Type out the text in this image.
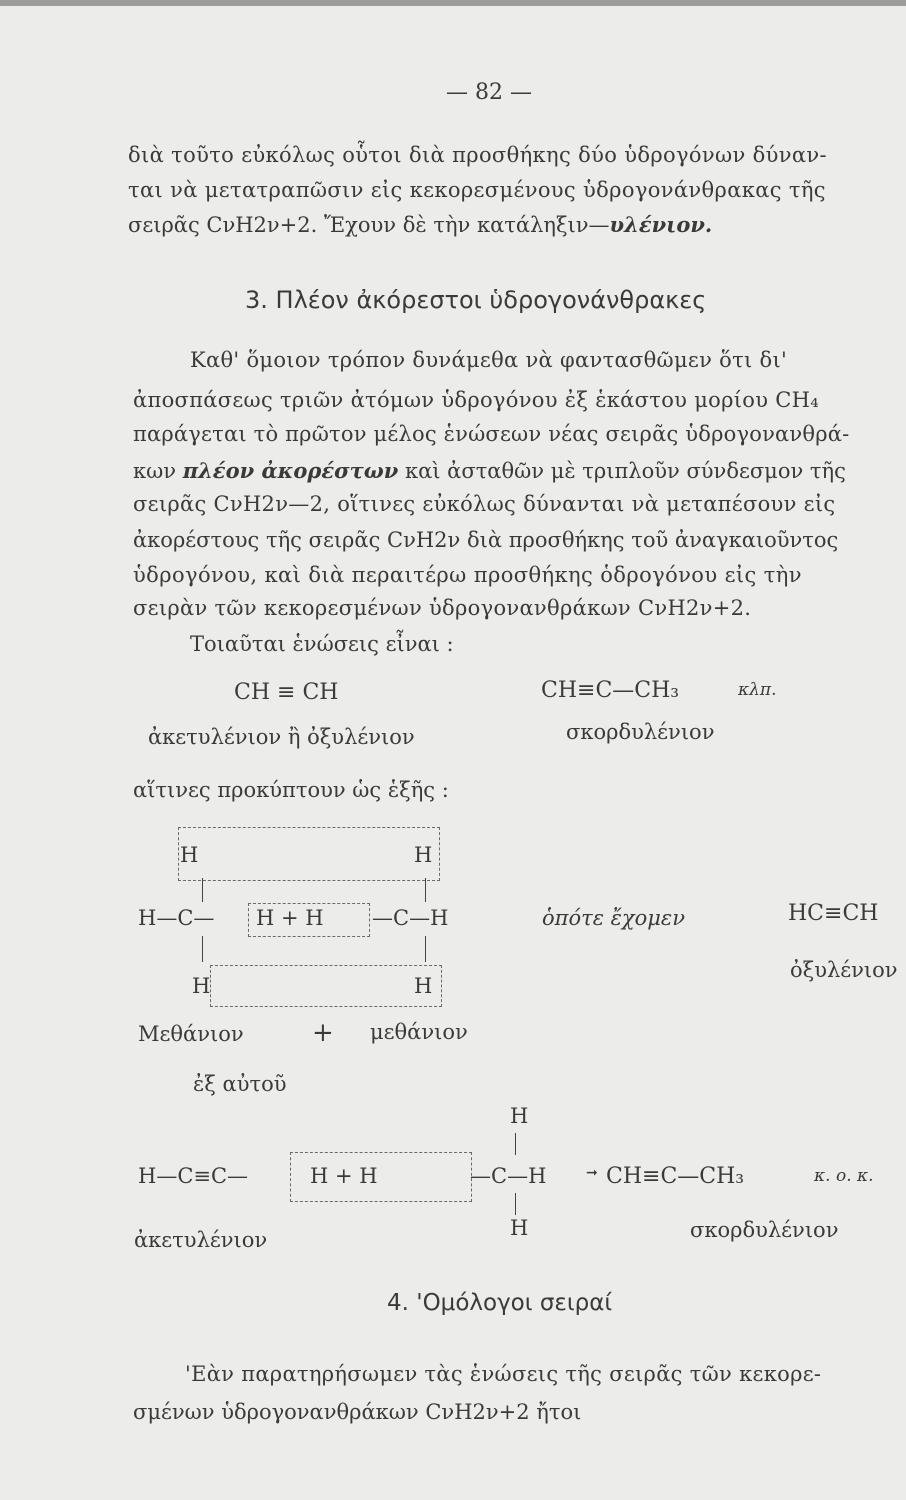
— 82 —
διὰ τοῦτο εὐκόλως οὗτοι διὰ προσθήκης δύο ὑδρογόνων δύναν-
ται νὰ μετατραπῶσιν εἰς κεκορεσμένους ὑδρογονάνθρακας τῆς
σειρᾶς CνH2ν+2. Ἔχουν δὲ τὴν κατάληξιν—υλένιον.
3. Πλέον ἀκόρεστοι ὑδρογονάνθρακες
Καθ' ὅμοιον τρόπον δυνάμεθα νὰ φαντασθῶμεν ὅτι δι'
ἀποσπάσεως τριῶν ἀτόμων ὑδρογόνου ἐξ ἑκάστου μορίου CH₄
παράγεται τὸ πρῶτον μέλος ἑνώσεων νέας σειρᾶς ὑδρογονανθρά-
κων πλέον ἀκορέστων καὶ ἀσταθῶν μὲ τριπλοῦν σύνδεσμον τῆς
σειρᾶς CνH2ν—2, οἵτινες εὐκόλως δύνανται νὰ μεταπέσουν εἰς
ἀκορέστους τῆς σειρᾶς CνH2ν διὰ προσθήκης τοῦ ἀναγκαιοῦντος
ὑδρογόνου, καὶ διὰ περαιτέρω προσθήκης ὁδρογόνου εἰς τὴν
σειρὰν τῶν κεκορεσμένων ὑδρογονανθράκων CνH2ν+2.
Τοιαῦται ἑνώσεις εἶναι :
CH ≡ CH	CH≡C—CH₃	κλπ.
ἀκετυλένιον ἢ ὀξυλένιον	σκορδυλένιον
αἵτινες προκύπτουν ὡς ἑξῆς :
H	H
H—C— H + H —C—H
H	H
ὁπότε ἔχομεν	HC≡CH
ὀξυλένιον
Μεθάνιον	+ μεθάνιον
ἐξ αὐτοῦ
H
H—C≡C—	H + H	—C—H	➞ CH≡C—CH₃	κ. ο. κ.
H
ἀκετυλένιον	σκορδυλένιον
4. 'Ομόλογοι σειραί
'Εὰν παρατηρήσωμεν τὰς ἑνώσεις τῆς σειρᾶς τῶν κεκορε-
σμένων ὑδρογονανθράκων CνH2ν+2 ἤτοι
